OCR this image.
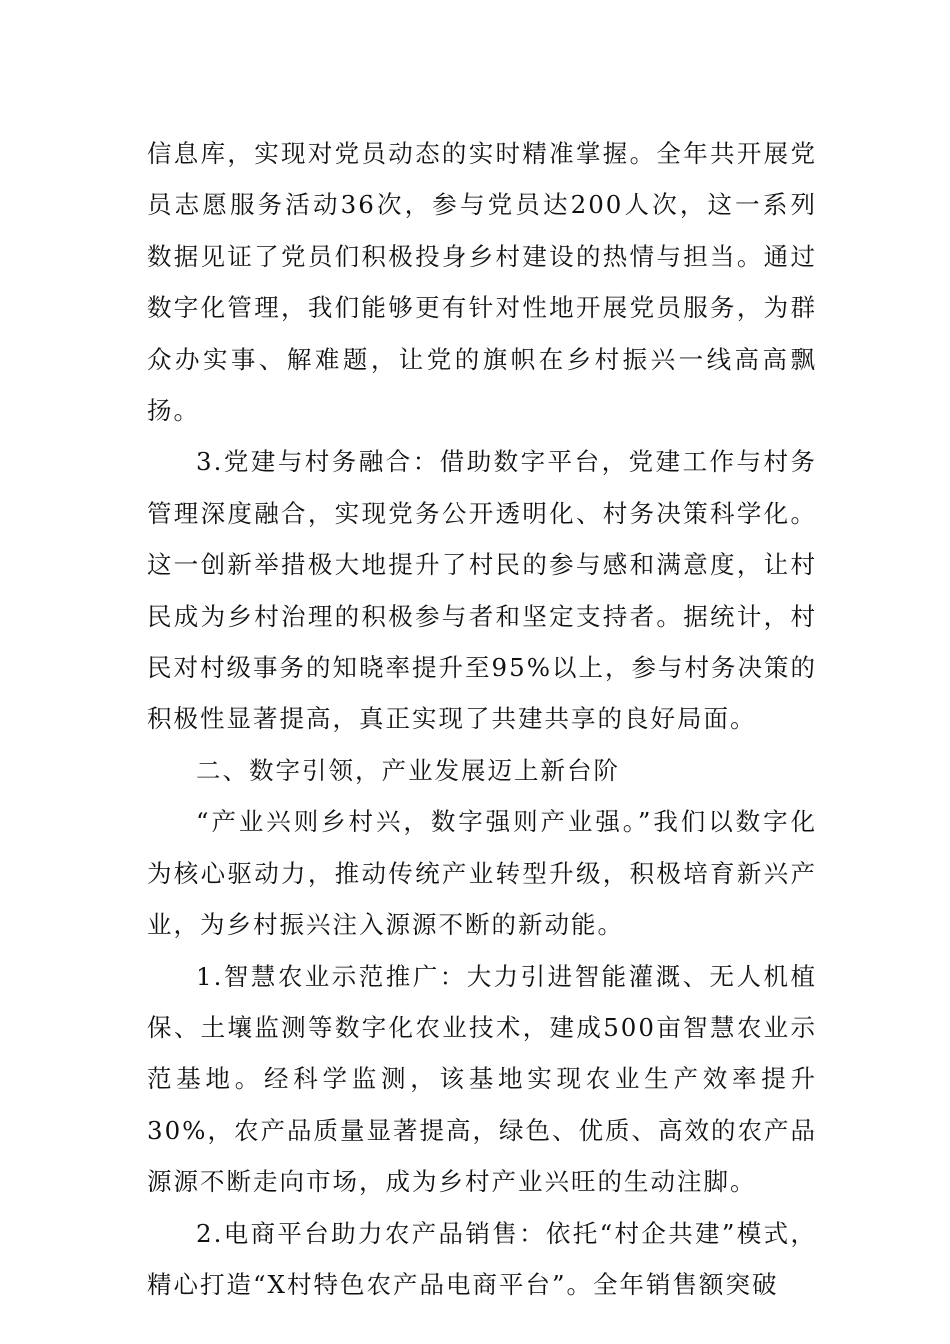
信息库，实现对党员动态的实时精准掌握。全年共开展党员志愿服务活动36次，参与党员达200人次，这一系列数据见证了党员们积极投身乡村建设的热情与担当。通过数字化管理，我们能够更有针对性地开展党员服务，为群众办实事、解难题，让党的旗帜在乡村振兴一线高高飘扬。

3.党建与村务融合：借助数字平台，党建工作与村务管理深度融合，实现党务公开透明化、村务决策科学化。这一创新举措极大地提升了村民的参与感和满意度，让村民成为乡村治理的积极参与者和坚定支持者。据统计，村民对村级事务的知晓率提升至95%以上，参与村务决策的积极性显著提高，真正实现了共建共享的良好局面。

二、数字引领，产业发展迈上新台阶

“产业兴则乡村兴，数字强则产业强。”我们以数字化为核心驱动力，推动传统产业转型升级，积极培育新兴产业，为乡村振兴注入源源不断的新动能。

1.智慧农业示范推广：大力引进智能灌溉、无人机植保、土壤监测等数字化农业技术，建成500亩智慧农业示范基地。经科学监测，该基地实现农业生产效率提升30%，农产品质量显著提高，绿色、优质、高效的农产品源源不断走向市场，成为乡村产业兴旺的生动注脚。

2.电商平台助力农产品销售：依托“村企共建”模式，精心打造“X村特色农产品电商平台”。全年销售额突破
